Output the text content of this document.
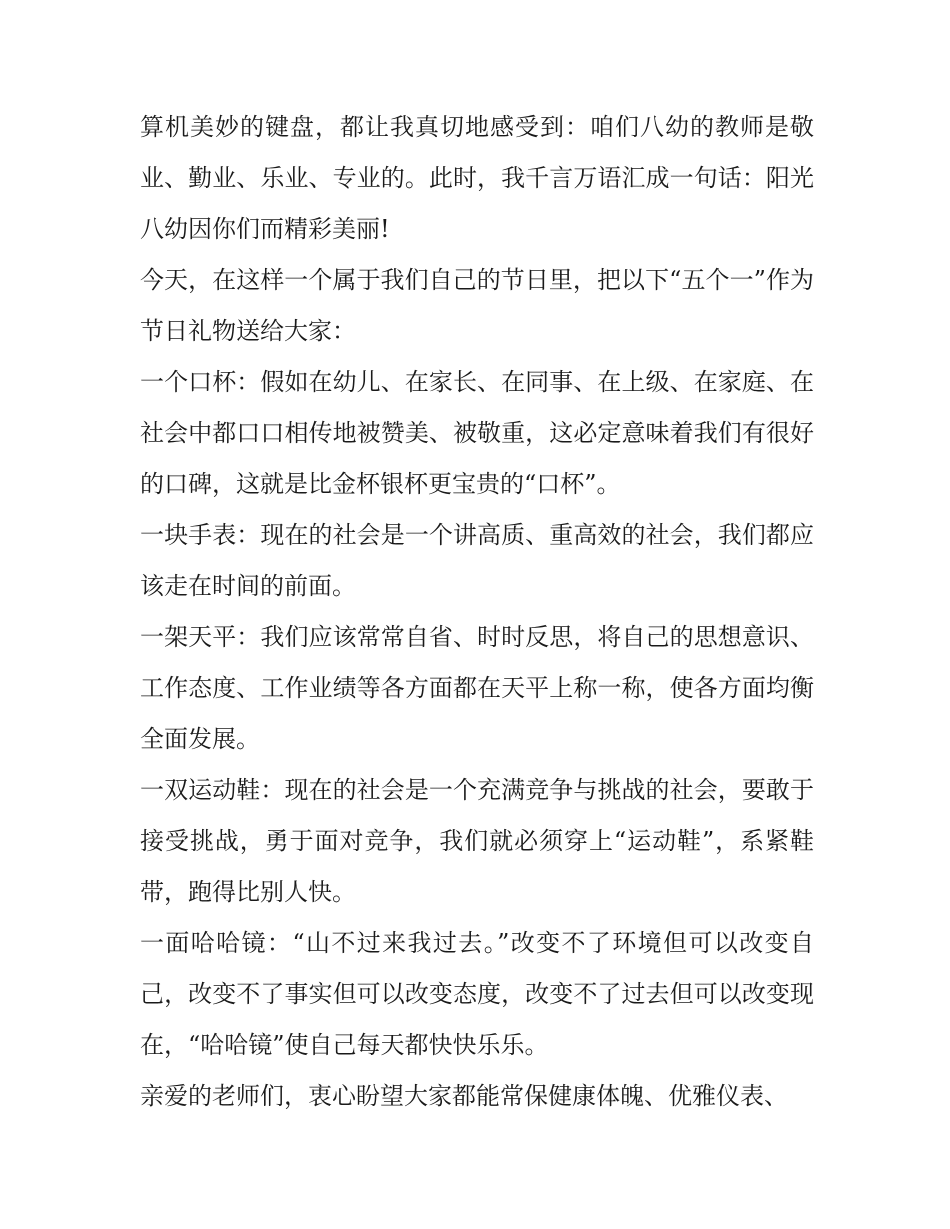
算机美妙的键盘，都让我真切地感受到：咱们八幼的教师是敬业、勤业、乐业、专业的。此时，我千言万语汇成一句话：阳光八幼因你们而精彩美丽!

今天，在这样一个属于我们自己的节日里，把以下“五个一”作为节日礼物送给大家：

一个口杯：假如在幼儿、在家长、在同事、在上级、在家庭、在社会中都口口相传地被赞美、被敬重，这必定意味着我们有很好的口碑，这就是比金杯银杯更宝贵的“口杯”。

一块手表：现在的社会是一个讲高质、重高效的社会，我们都应该走在时间的前面。

一架天平：我们应该常常自省、时时反思，将自己的思想意识、工作态度、工作业绩等各方面都在天平上称一称，使各方面均衡全面发展。

一双运动鞋：现在的社会是一个充满竞争与挑战的社会，要敢于接受挑战，勇于面对竞争，我们就必须穿上“运动鞋”，系紧鞋带，跑得比别人快。

一面哈哈镜：“山不过来我过去。”改变不了环境但可以改变自己，改变不了事实但可以改变态度，改变不了过去但可以改变现在，“哈哈镜”使自己每天都快快乐乐。

亲爱的老师们，衷心盼望大家都能常保健康体魄、优雅仪表、
